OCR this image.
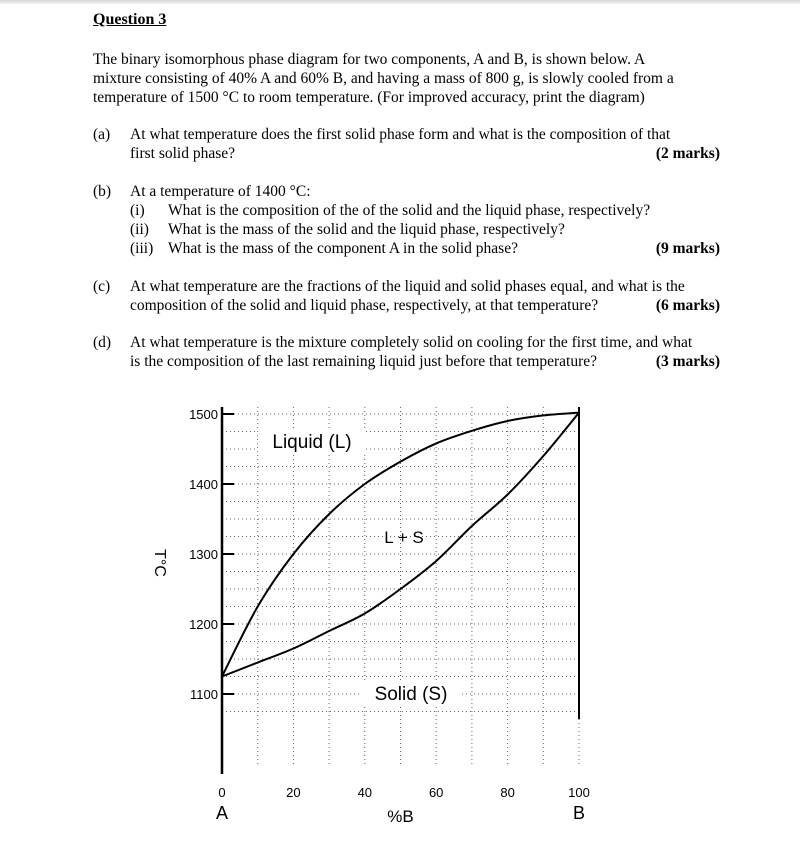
Question 3
The binary isomorphous phase diagram for two components, A and B, is shown below. A
mixture consisting of 40% A and 60% B, and having a mass of 800 g, is slowly cooled from a
temperature of 1500 °C to room temperature. (For improved accuracy, print the diagram)
(a) At what temperature does the first solid phase form and what is the composition of that
first solid phase?	(2 marks)
(b) At a temperature of 1400 °C:
(i) What is the composition of the of the solid and the liquid phase, respectively?
(ii) What is the mass of the solid and the liquid phase, respectively?
(iii) What is the mass of the component A in the solid phase?	(9 marks)
(c) At what temperature are the fractions of the liquid and solid phases equal, and what is the
composition of the solid and liquid phase, respectively, at that temperature?	(6 marks)
(d) At what temperature is the mixture completely solid on cooling for the first time, and what
is the composition of the last remaining liquid just before that temperature?	(3 marks)
1100
1200
1300
1400
1500
0	20	40	60	80	100
A	B
%B
T°C
Liquid (L)
L + S
Solid (S)
